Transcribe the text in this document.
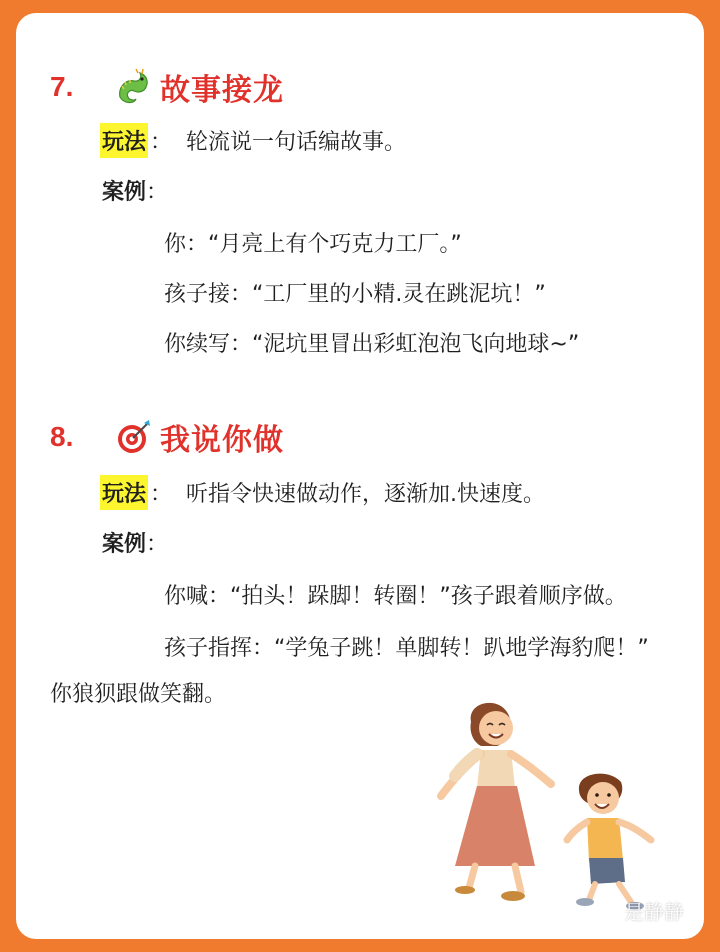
7.	故事接龙
玩法 ： 轮流说一句话编故事。
案例 ：
你：“月亮上有个巧克力工厂。”
孩子接：“工厂里的小精.灵在跳泥坑！”
你续写：“泥坑里冒出彩虹泡泡飞向地球~”
8.	我说你做
玩法 ： 听指令快速做动作，逐渐加.快速度。
案例 ：
你喊：“拍头！跺脚！转圈！”孩子跟着顺序做。
孩子指挥：“学兔子跳！单脚转！趴地学海豹爬！”
你狼狈跟做笑翻。
是静静
